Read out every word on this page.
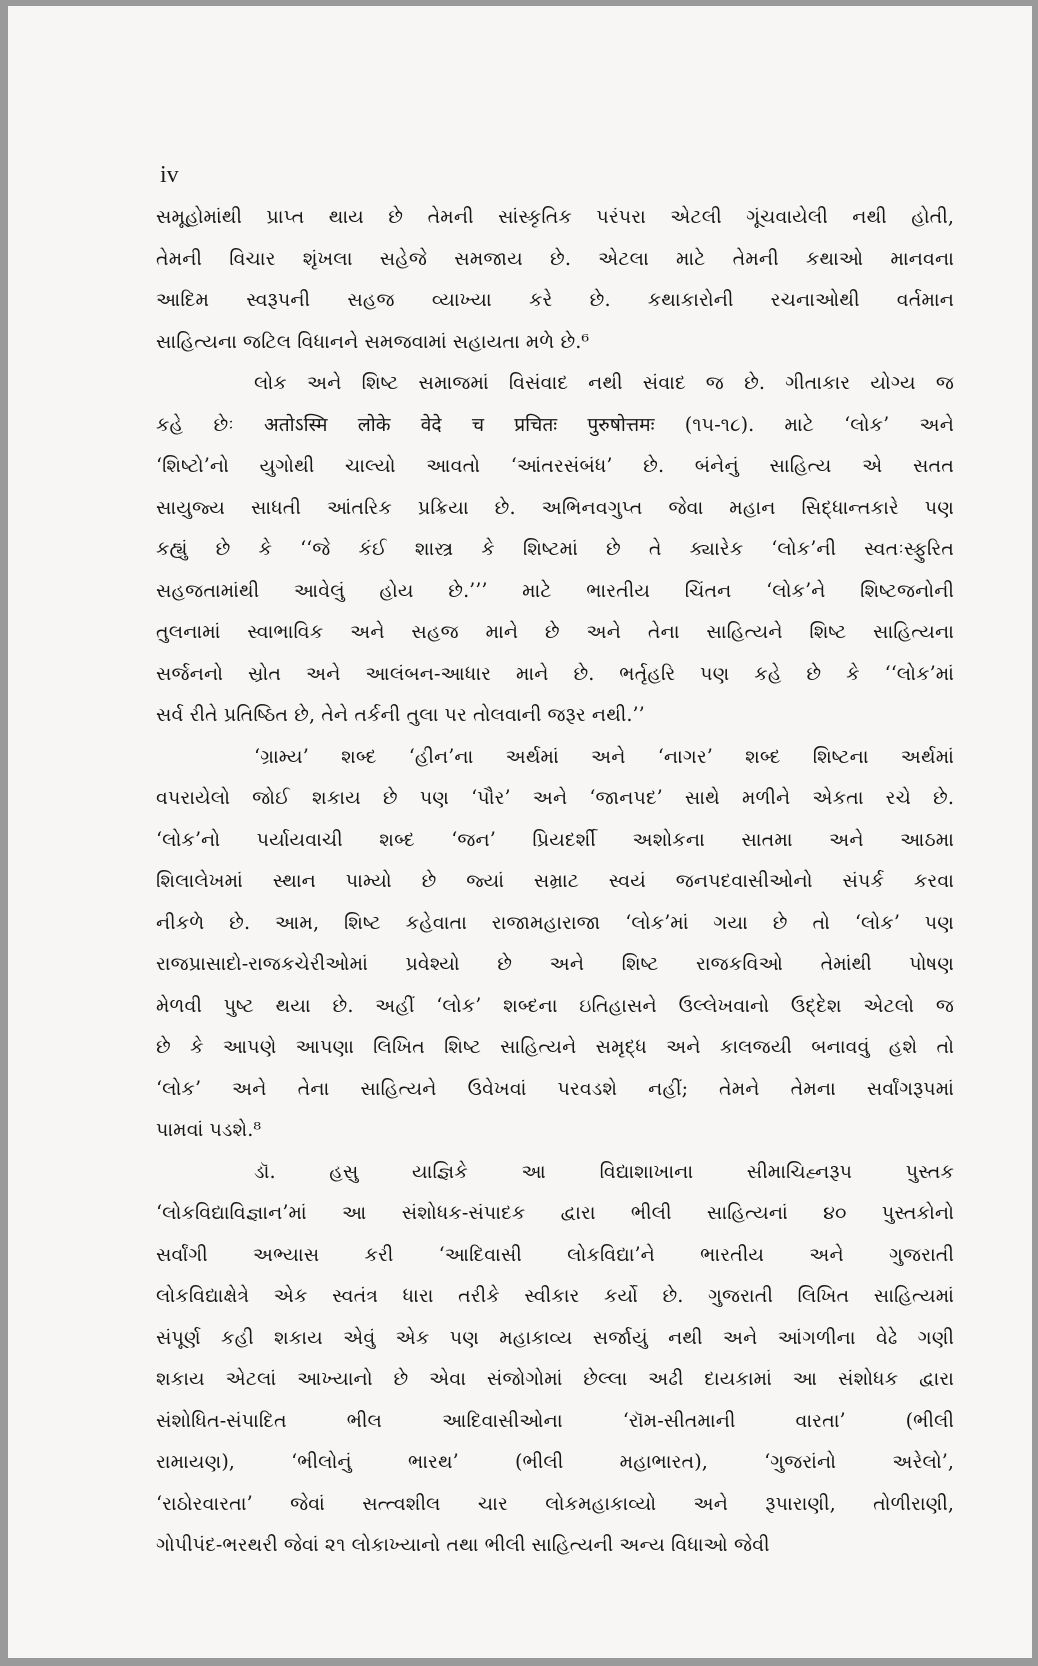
iv
સમૂહોમાંથી પ્રાપ્ત થાય છે તેમની સાંસ્કૃતિક પરંપરા એટલી ગૂંચવાયેલી નથી હોતી,
તેમની વિચાર શૃંખલા સહેજે સમજાય છે. એટલા માટે તેમની કથાઓ માનવના
આદિમ સ્વરૂપની સહજ વ્યાખ્યા કરે છે. કથાકારોની રચનાઓથી વર્તમાન
સાહિત્યના જટિલ વિધાનને સમજવામાં સહાયતા મળે છે.⁶
લોક અને શિષ્ટ સમાજમાં વિસંવાદ નથી સંવાદ જ છે. ગીતાકાર યોગ્ય જ
કહે છેઃ अतोऽस्मि लोके वेदे च प्रचितः पुरुषोत्तमः (૧૫-૧૮). માટે ‘લોક’ અને
‘શિષ્ટો’નો યુગોથી ચાલ્યો આવતો ‘આંતરસંબંધ’ છે. બંનેનું સાહિત્ય એ સતત
સાયુજ્ય સાધતી આંતરિક પ્રક્રિયા છે. અભિનવગુપ્ત જેવા મહાન સિદ્ધાન્તકારે પણ
કહ્યું છે કે ‘‘જે કંઈ શાસ્ત્ર કે શિષ્ટમાં છે તે ક્યારેક ‘લોક’ની સ્વતઃસ્ફુરિત
સહજતામાંથી આવેલું હોય છે.’’’ માટે ભારતીય ચિંતન ‘લોક’ને શિષ્ટજનોની
તુલનામાં સ્વાભાવિક અને સહજ માને છે અને તેના સાહિત્યને શિષ્ટ સાહિત્યના
સર્જનનો સ્રોત અને આલંબન-આધાર માને છે. ભર્તૃહરિ પણ કહે છે કે ‘‘લોક’માં
સર્વ રીતે પ્રતિષ્ઠિત છે, તેને તર્કની તુલા પર તોલવાની જરૂર નથી.’’
‘ગ્રામ્ય’ શબ્દ ‘હીન’ના અર્થમાં અને ‘નાગર’ શબ્દ શિષ્ટના અર્થમાં
વપરાયેલો જોઈ શકાય છે પણ ‘પૌર’ અને ‘જાનપદ’ સાથે મળીને એકતા રચે છે.
‘લોક’નો પર્યાયવાચી શબ્દ ‘જન’ પ્રિયદર્શી અશોકના સાતમા અને આઠમા
શિલાલેખમાં સ્થાન પામ્યો છે જ્યાં સમ્રાટ સ્વયં જનપદવાસીઓનો સંપર્ક કરવા
નીકળે છે. આમ, શિષ્ટ કહેવાતા રાજામહારાજા ‘લોક’માં ગયા છે તો ‘લોક’ પણ
રાજપ્રાસાદો-રાજકચેરીઓમાં પ્રવેશ્યો છે અને શિષ્ટ રાજકવિઓ તેમાંથી પોષણ
મેળવી પુષ્ટ થયા છે. અહીં ‘લોક’ શબ્દના ઇતિહાસને ઉલ્લેખવાનો ઉદ્દેશ એટલો જ
છે કે આપણે આપણા લિખિત શિષ્ટ સાહિત્યને સમૃદ્ધ અને કાલજયી બનાવવું હશે તો
‘લોક’ અને તેના સાહિત્યને ઉવેખવાં પરવડશે નહીં; તેમને તેમના સર્વાંગરૂપમાં
પામવાં પડશે.⁸
ડૉ. હસુ યાજ્ઞિકે આ વિદ્યાશાખાના સીમાચિહ્નરૂપ પુસ્તક
‘લોકવિદ્યાવિજ્ઞાન’માં આ સંશોધક-સંપાદક દ્વારા ભીલી સાહિત્યનાં ૪૦ પુસ્તકોનો
સર્વાંગી અભ્યાસ કરી ‘આદિવાસી લોકવિદ્યા’ને ભારતીય અને ગુજરાતી
લોકવિદ્યાક્ષેત્રે એક સ્વતંત્ર ધારા તરીકે સ્વીકાર કર્યો છે. ગુજરાતી લિખિત સાહિત્યમાં
સંપૂર્ણ કહી શકાય એવું એક પણ મહાકાવ્ય સર્જાયું નથી અને આંગળીના વેઢે ગણી
શકાય એટલાં આખ્યાનો છે એવા સંજોગોમાં છેલ્લા અઢી દાયકામાં આ સંશોધક દ્વારા
સંશોધિત-સંપાદિત ભીલ આદિવાસીઓના ‘રૉમ-સીતમાની વારતા’ (ભીલી
રામાયણ), ‘ભીલોનું ભારથ’ (ભીલી મહાભારત), ‘ગુજરાંનો અરેલો’,
‘રાઠોરવારતા’ જેવાં સત્ત્વશીલ ચાર લોકમહાકાવ્યો અને રૂપારાણી, તોળીરાણી,
ગોપીપંદ-ભરથરી જેવાં ૨૧ લોકાખ્યાનો તથા ભીલી સાહિત્યની અન્ય વિધાઓ જેવી
